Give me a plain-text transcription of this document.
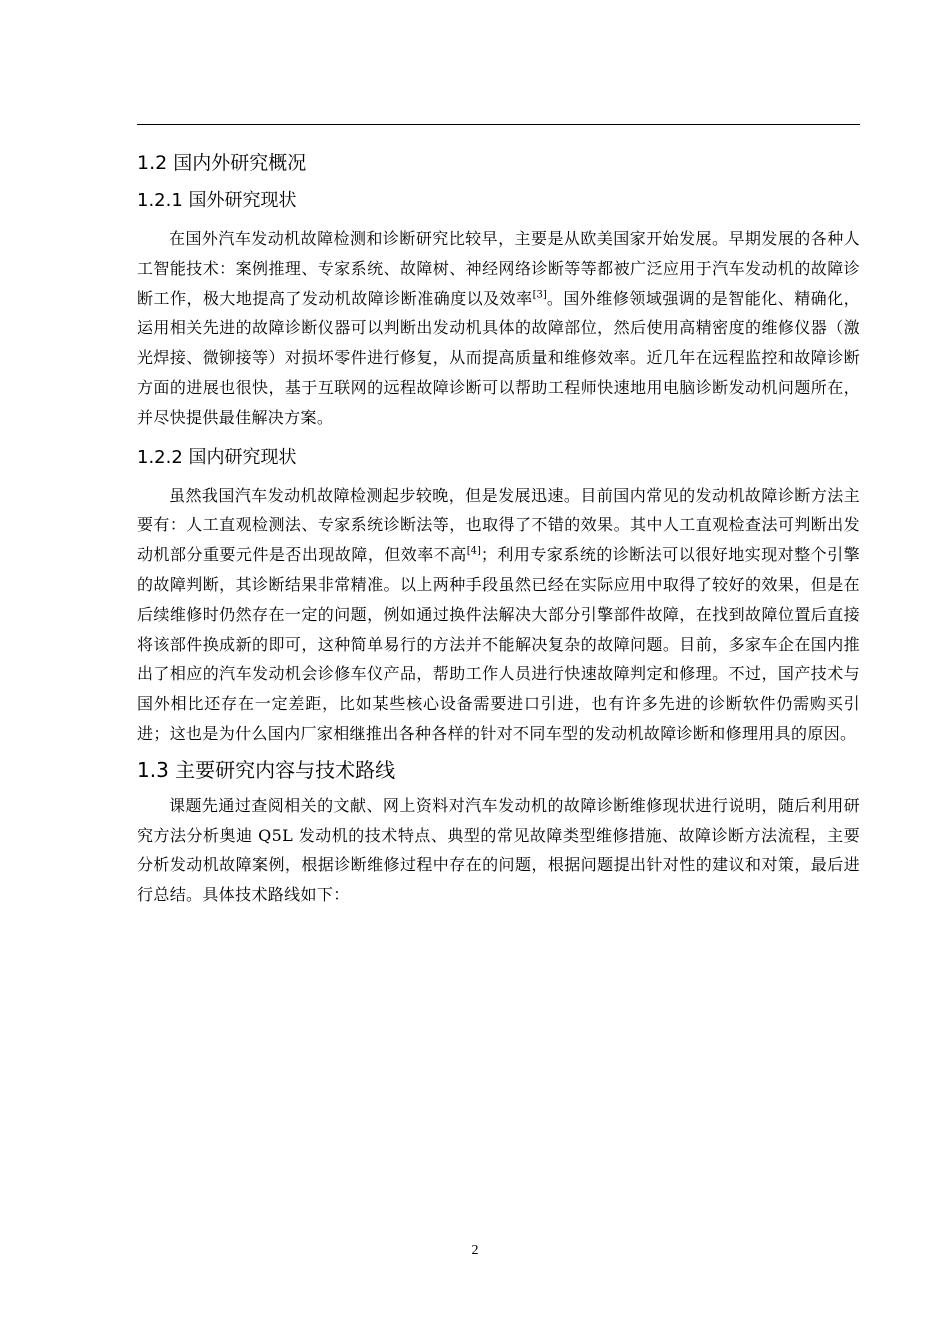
1.2 国内外研究概况
1.2.1 国外研究现状

在国外汽车发动机故障检测和诊断研究比较早，主要是从欧美国家开始发展。早期发展的各种人工智能技术：案例推理、专家系统、故障树、神经网络诊断等等都被广泛应用于汽车发动机的故障诊断工作，极大地提高了发动机故障诊断准确度以及效率[3]。国外维修领域强调的是智能化、精确化，运用相关先进的故障诊断仪器可以判断出发动机具体的故障部位，然后使用高精密度的维修仪器（激光焊接、微铆接等）对损坏零件进行修复，从而提高质量和维修效率。近几年在远程监控和故障诊断方面的进展也很快，基于互联网的远程故障诊断可以帮助工程师快速地用电脑诊断发动机问题所在，并尽快提供最佳解决方案。

1.2.2 国内研究现状

虽然我国汽车发动机故障检测起步较晚，但是发展迅速。目前国内常见的发动机故障诊断方法主要有：人工直观检测法、专家系统诊断法等，也取得了不错的效果。其中人工直观检查法可判断出发动机部分重要元件是否出现故障，但效率不高[4]；利用专家系统的诊断法可以很好地实现对整个引擎的故障判断，其诊断结果非常精准。以上两种手段虽然已经在实际应用中取得了较好的效果，但是在后续维修时仍然存在一定的问题，例如通过换件法解决大部分引擎部件故障，在找到故障位置后直接将该部件换成新的即可，这种简单易行的方法并不能解决复杂的故障问题。目前，多家车企在国内推出了相应的汽车发动机会诊修车仪产品，帮助工作人员进行快速故障判定和修理。不过，国产技术与国外相比还存在一定差距，比如某些核心设备需要进口引进，也有许多先进的诊断软件仍需购买引进；这也是为什么国内厂家相继推出各种各样的针对不同车型的发动机故障诊断和修理用具的原因。

1.3 主要研究内容与技术路线

课题先通过查阅相关的文献、网上资料对汽车发动机的故障诊断维修现状进行说明，随后利用研究方法分析奥迪 Q5L 发动机的技术特点、典型的常见故障类型维修措施、故障诊断方法流程，主要分析发动机故障案例，根据诊断维修过程中存在的问题，根据问题提出针对性的建议和对策，最后进行总结。具体技术路线如下：

2
